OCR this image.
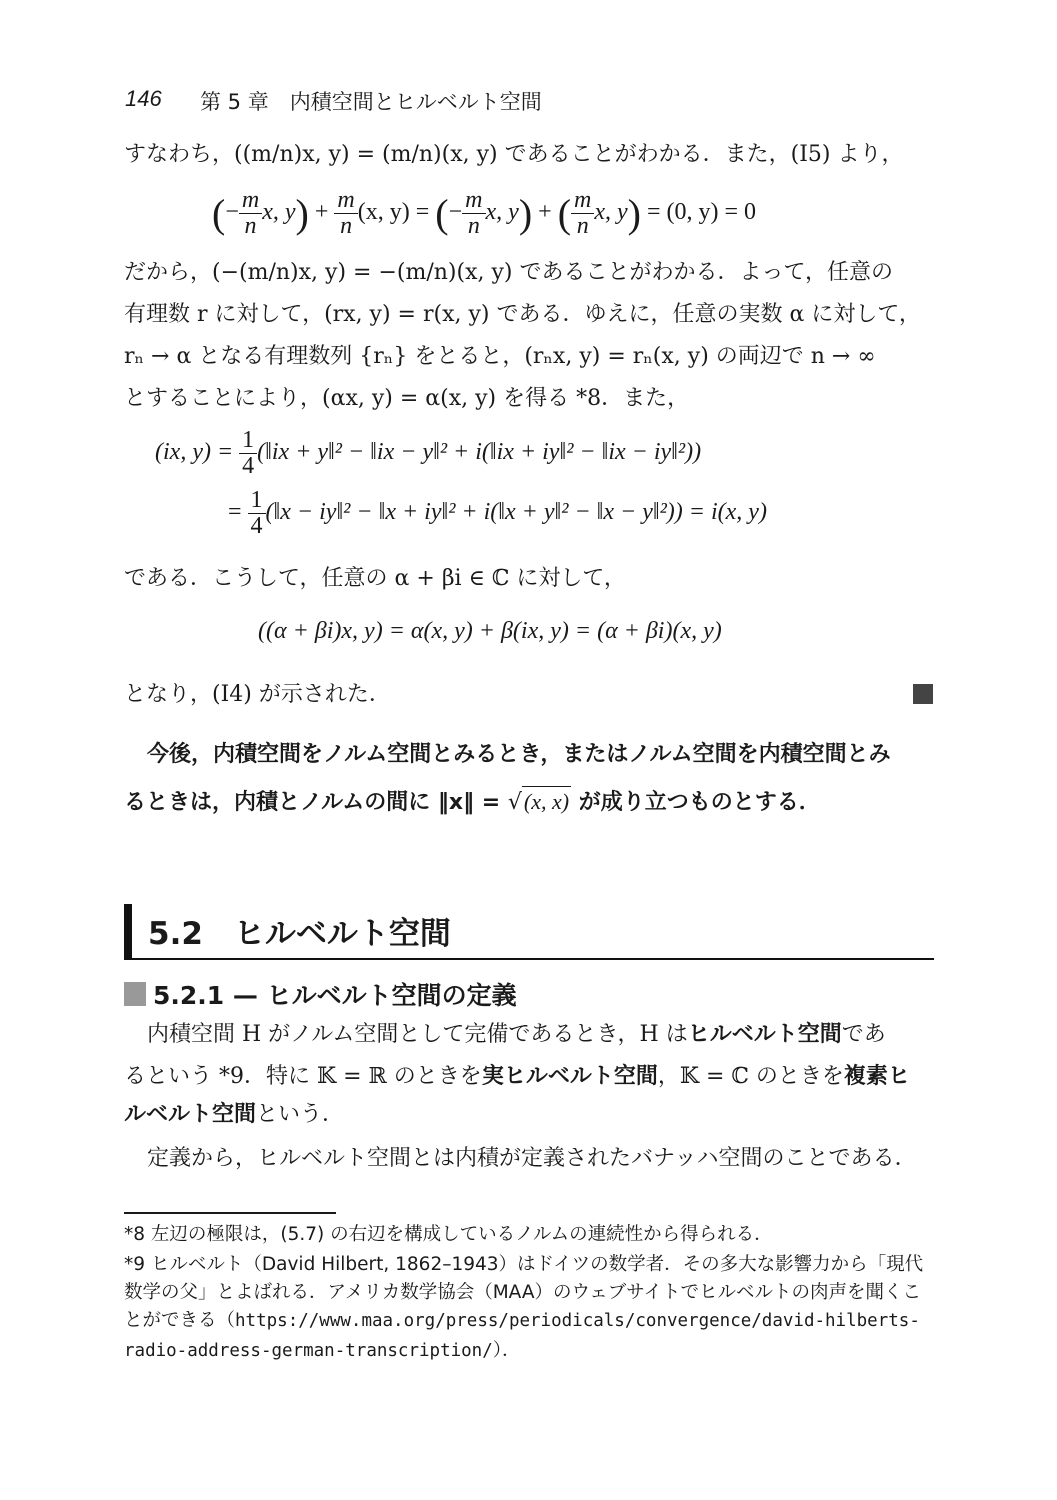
146 第 5 章　内積空間とヒルベルト空間
すなわち，((m/n)x, y) = (m/n)(x, y) であることがわかる．また，(I5) より，
(− $\frac{m}{n} x$, $y) + \frac{m}{n} (x$, y) = (− $\frac{m}{n} x$, y) + ( $\frac{m}{n} x$, y) = (0, y) = 0
だから，(−(m/n)x, y) = −(m/n)(x, y) であることがわかる．よって，任意の
有理数 r に対して，(rx, y) = r(x, y) である．ゆえに，任意の実数 α に対して，
rₙ → α となる有理数列 {rₙ} をとると，(rₙx, y) = rₙ(x, y) の両辺で n → ∞
とすることにより，(αx, y) = α(x, y) を得る *8．また，
(ix, $y) = \frac{1}{4}$ (‖ix + y‖² − ‖ix − y‖² + i(‖ix + iy‖² − ‖ix − iy‖²))
= $\frac{1}{4}$ (‖x − iy‖² − ‖x + iy‖² + i(‖x + y‖² − ‖x − y‖²)) = i(x, y)
である．こうして，任意の α + βi ∈ ℂ に対して，
((α + βi)x, y) = α(x, y) + β(ix, y) = (α + βi)(x, y)
となり，(I4) が示された．
今後，内積空間をノルム空間とみるとき，またはノルム空間を内積空間とみ
るときは，内積とノルムの間に ‖x‖ = √(x, x) が成り立つものとする．
5.2　ヒルベルト空間
5.2.1 — ヒルベルト空間の定義
内積空間 H がノルム空間として完備であるとき，H はヒルベルト空間であ
るという *9．特に 𝕂 = ℝ のときを実ヒルベルト空間，𝕂 = ℂ のときを複素ヒ
ルベルト空間という．
定義から，ヒルベルト空間とは内積が定義されたバナッハ空間のことである．
*8 左辺の極限は，(5.7) の右辺を構成しているノルムの連続性から得られる．
*9 ヒルベルト（David Hilbert, 1862–1943）はドイツの数学者．その多大な影響力から「現代
数学の父」とよばれる．アメリカ数学協会（MAA）のウェブサイトでヒルベルトの肉声を聞くこ
とができる（https://www.maa.org/press/periodicals/convergence/david-hilberts-
radio-address-german-transcription/）．
